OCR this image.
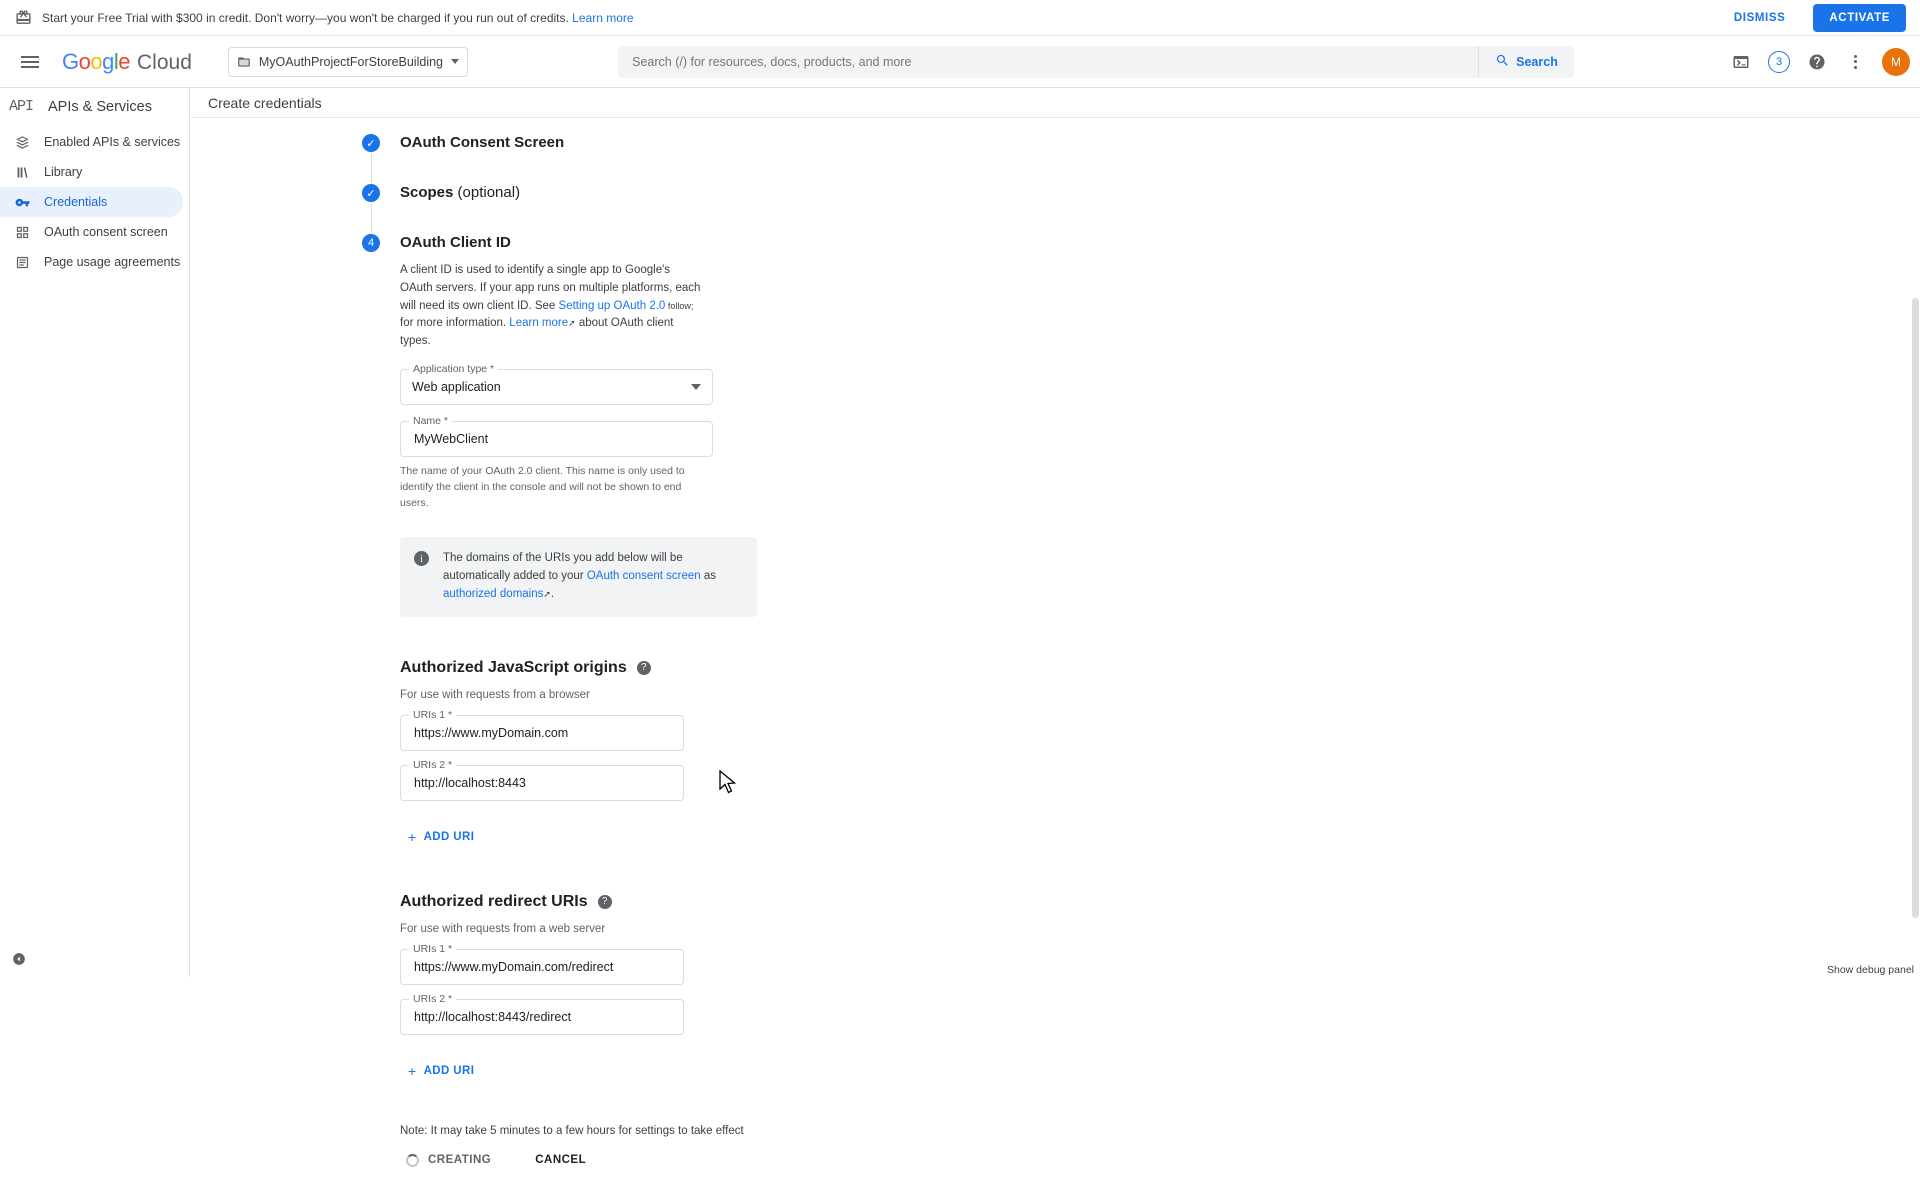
Start your Free Trial with $300 in credit. Don't worry—you won't be charged if you run out of credits. Learn more	DISMISS	ACTIVATE
Google Cloud	MyOAuthProjectForStoreBuilding
Search (/) for resources, docs, products, and more	Search	3	M
API APIs & Services
Enabled APIs & services
Library
Credentials
OAuth consent screen
Page usage agreements
Create credentials
✓ OAuth Consent Screen
✓ Scopes (optional)
4	OAuth Client ID
A client ID is used to identify a single app to Google's OAuth servers. If your app runs on multiple platforms, each will need its own client ID. See Setting up OAuth 2.0 follow; for more information. Learn more➚ about OAuth client types.
Application type *
Web application
Name *
MyWebClient
The name of your OAuth 2.0 client. This name is only used to identify the client in the console and will not be shown to end users.
i	The domains of the URIs you add below will be automatically added to your OAuth consent screen as authorized domains➚.
Authorized JavaScript origins	?
For use with requests from a browser
URIs 1 *
https://www.myDomain.com
URIs 2 *
http://localhost:8443
+ ADD URI
Authorized redirect URIs	?
For use with requests from a web server
URIs 1 *
https://www.myDomain.com/redirect
URIs 2 *
http://localhost:8443/redirect
+ ADD URI
Note: It may take 5 minutes to a few hours for settings to take effect
CREATING	CANCEL
Show debug panel
